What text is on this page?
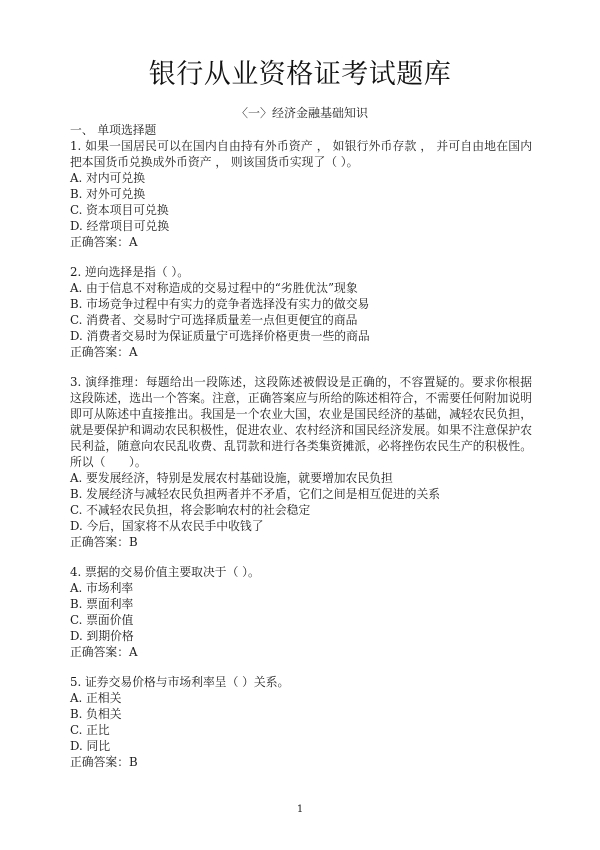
银行从业资格证考试题库
〈一〉经济金融基础知识
一、 单项选择题
1. 如果一国居民可以在国内自由持有外币资产 ， 如银行外币存款 ， 并可自由地在国内
把本国货币兑换成外币资产 ， 则该国货币实现了（ ）。
A. 对内可兑换
B. 对外可兑换
C. 资本项目可兑换
D. 经常项目可兑换
正确答案：A
2. 逆向选择是指（ ）。
A. 由于信息不对称造成的交易过程中的“劣胜优汰”现象
B. 市场竞争过程中有实力的竞争者选择没有实力的做交易
C. 消费者、交易时宁可选择质量差一点但更便宜的商品
D. 消费者交易时为保证质量宁可选择价格更贵一些的商品
正确答案：A
3. 演绎推理：每题给出一段陈述，这段陈述被假设是正确的，不容置疑的。要求你根据
这段陈述，选出一个答案。注意，正确答案应与所给的陈述相符合，不需要任何附加说明
即可从陈述中直接推出。我国是一个农业大国，农业是国民经济的基础，减轻农民负担，
就是要保护和调动农民积极性，促进农业、农村经济和国民经济发展。如果不注意保护农
民利益，随意向农民乱收费、乱罚款和进行各类集资摊派，必将挫伤农民生产的积极性。
所以（　　）。
A. 要发展经济，特别是发展农村基础设施，就要增加农民负担
B. 发展经济与减轻农民负担两者并不矛盾，它们之间是相互促进的关系
C. 不减轻农民负担，将会影响农村的社会稳定
D. 今后，国家将不从农民手中收钱了
正确答案：B
4. 票据的交易价值主要取决于（ ）。
A. 市场利率
B. 票面利率
C. 票面价值
D. 到期价格
正确答案：A
5. 证券交易价格与市场利率呈（ ）关系。
A. 正相关
B. 负相关
C. 正比
D. 同比
正确答案：B
1
